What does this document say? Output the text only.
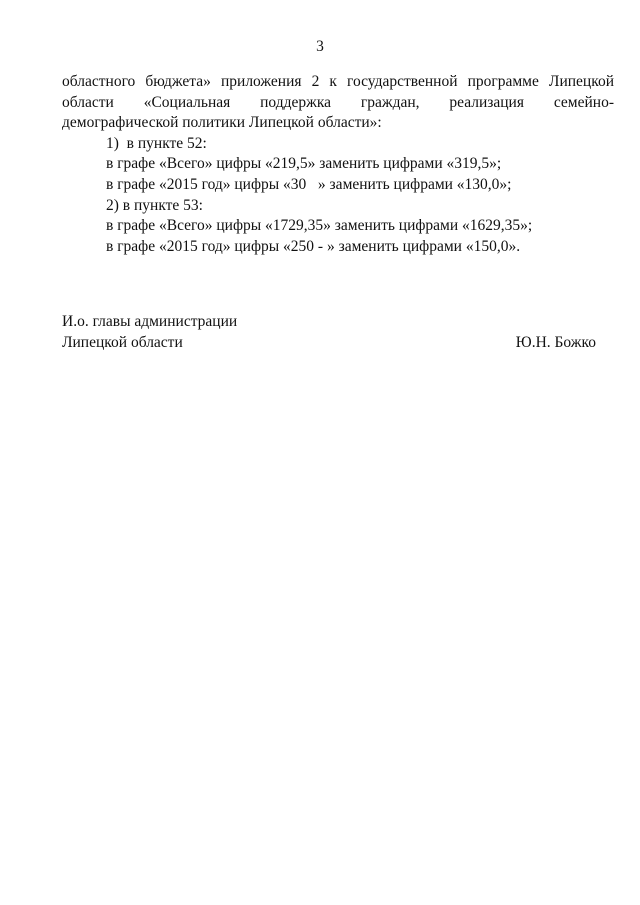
3
областного бюджета» приложения 2 к государственной программе Липецкой
области «Социальная поддержка граждан, реализация семейно-
демографической политики Липецкой области»:
1)  в пункте 52:
в графе «Всего» цифры «219,5» заменить цифрами «319,5»;
в графе «2015 год» цифры «30   » заменить цифрами «130,0»;
2) в пункте 53:
в графе «Всего» цифры «1729,35» заменить цифрами «1629,35»;
в графе «2015 год» цифры «250 - » заменить цифрами «150,0».
И.о. главы администрации
Липецкой области	Ю.Н. Божко
